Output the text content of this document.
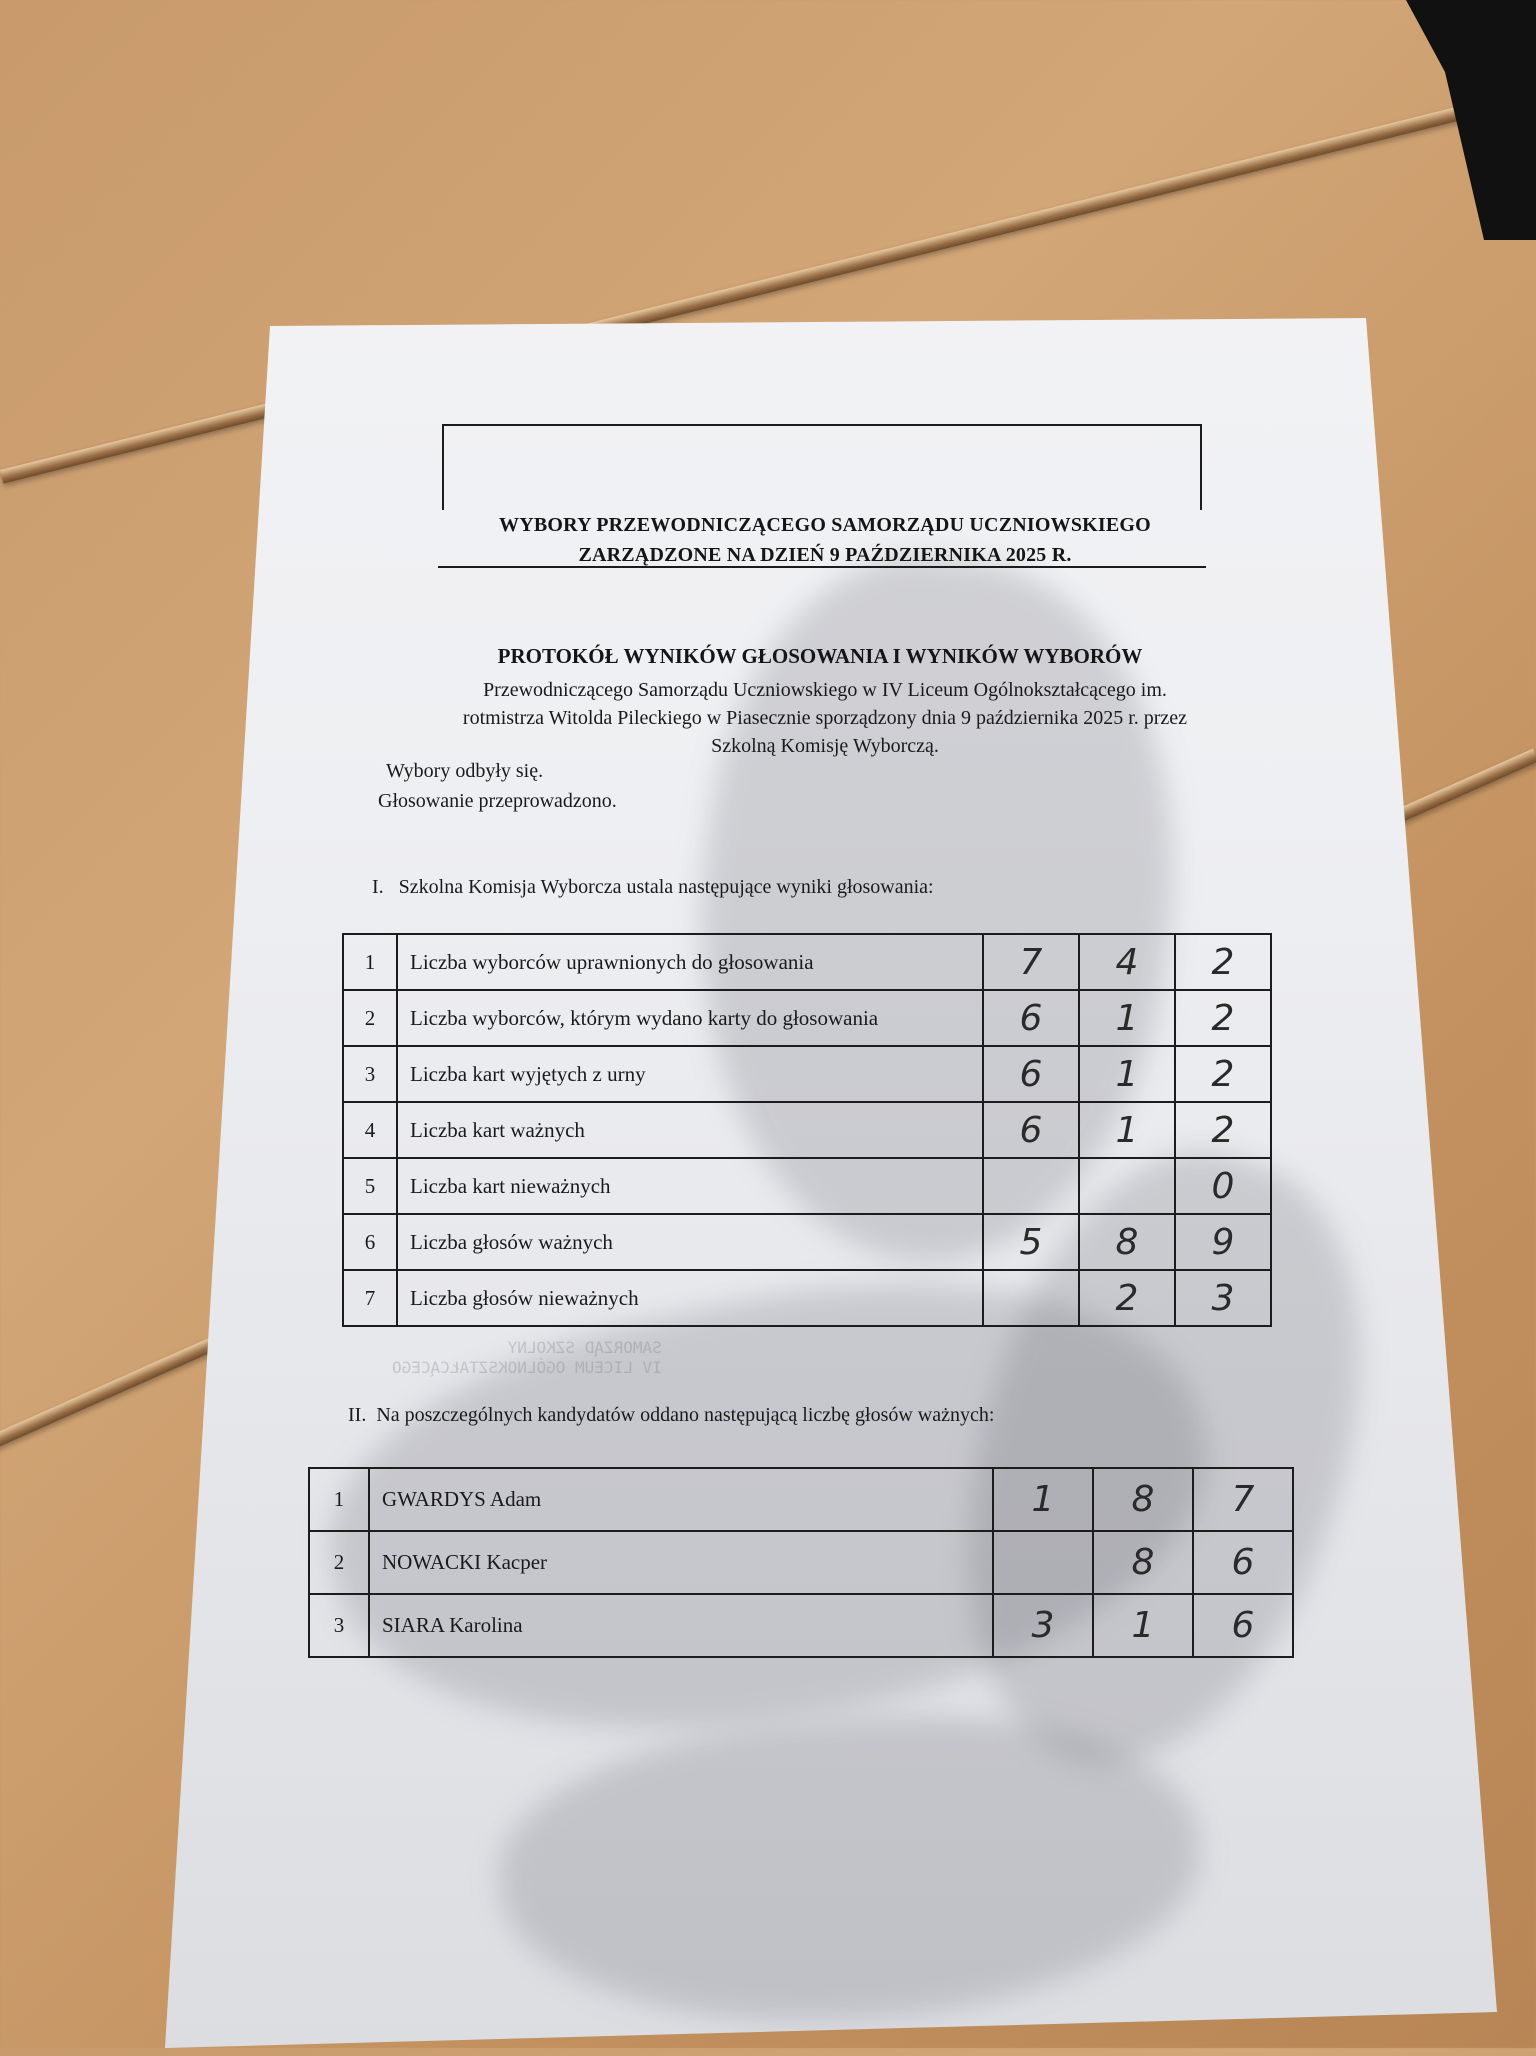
WYBORY PRZEWODNICZĄCEGO SAMORZĄDU UCZNIOWSKIEGO
ZARZĄDZONE NA DZIEŃ 9 PAŹDZIERNIKA 2025 R.
PROTOKÓŁ WYNIKÓW GŁOSOWANIA I WYNIKÓW WYBORÓW
Przewodniczącego Samorządu Uczniowskiego w IV Liceum Ogólnokształcącego im.
rotmistrza Witolda Pileckiego w Piasecznie sporządzony dnia 9 października 2025 r. przez
Szkolną Komisję Wyborczą.
Wybory odbyły się.
Głosowanie przeprowadzono.
I.   Szkolna Komisja Wyborcza ustala następujące wyniki głosowania:
1	Liczba wyborców uprawnionych do głosowania	7	4	2
2	Liczba wyborców, którym wydano karty do głosowania	6	1	2
3	Liczba kart wyjętych z urny	6	1	2
4	Liczba kart ważnych	6	1	2
5	Liczba kart nieważnych			0
6	Liczba głosów ważnych	5	8	9
7	Liczba głosów nieważnych		2	3
SAMORZĄD SZKOLNY
IV LICEUM OGÓLNOKSZTAŁCĄCEGO
II.  Na poszczególnych kandydatów oddano następującą liczbę głosów ważnych:
1	GWARDYS Adam	1	8	7
2	NOWACKI Kacper		8	6
3	SIARA Karolina	3	1	6
